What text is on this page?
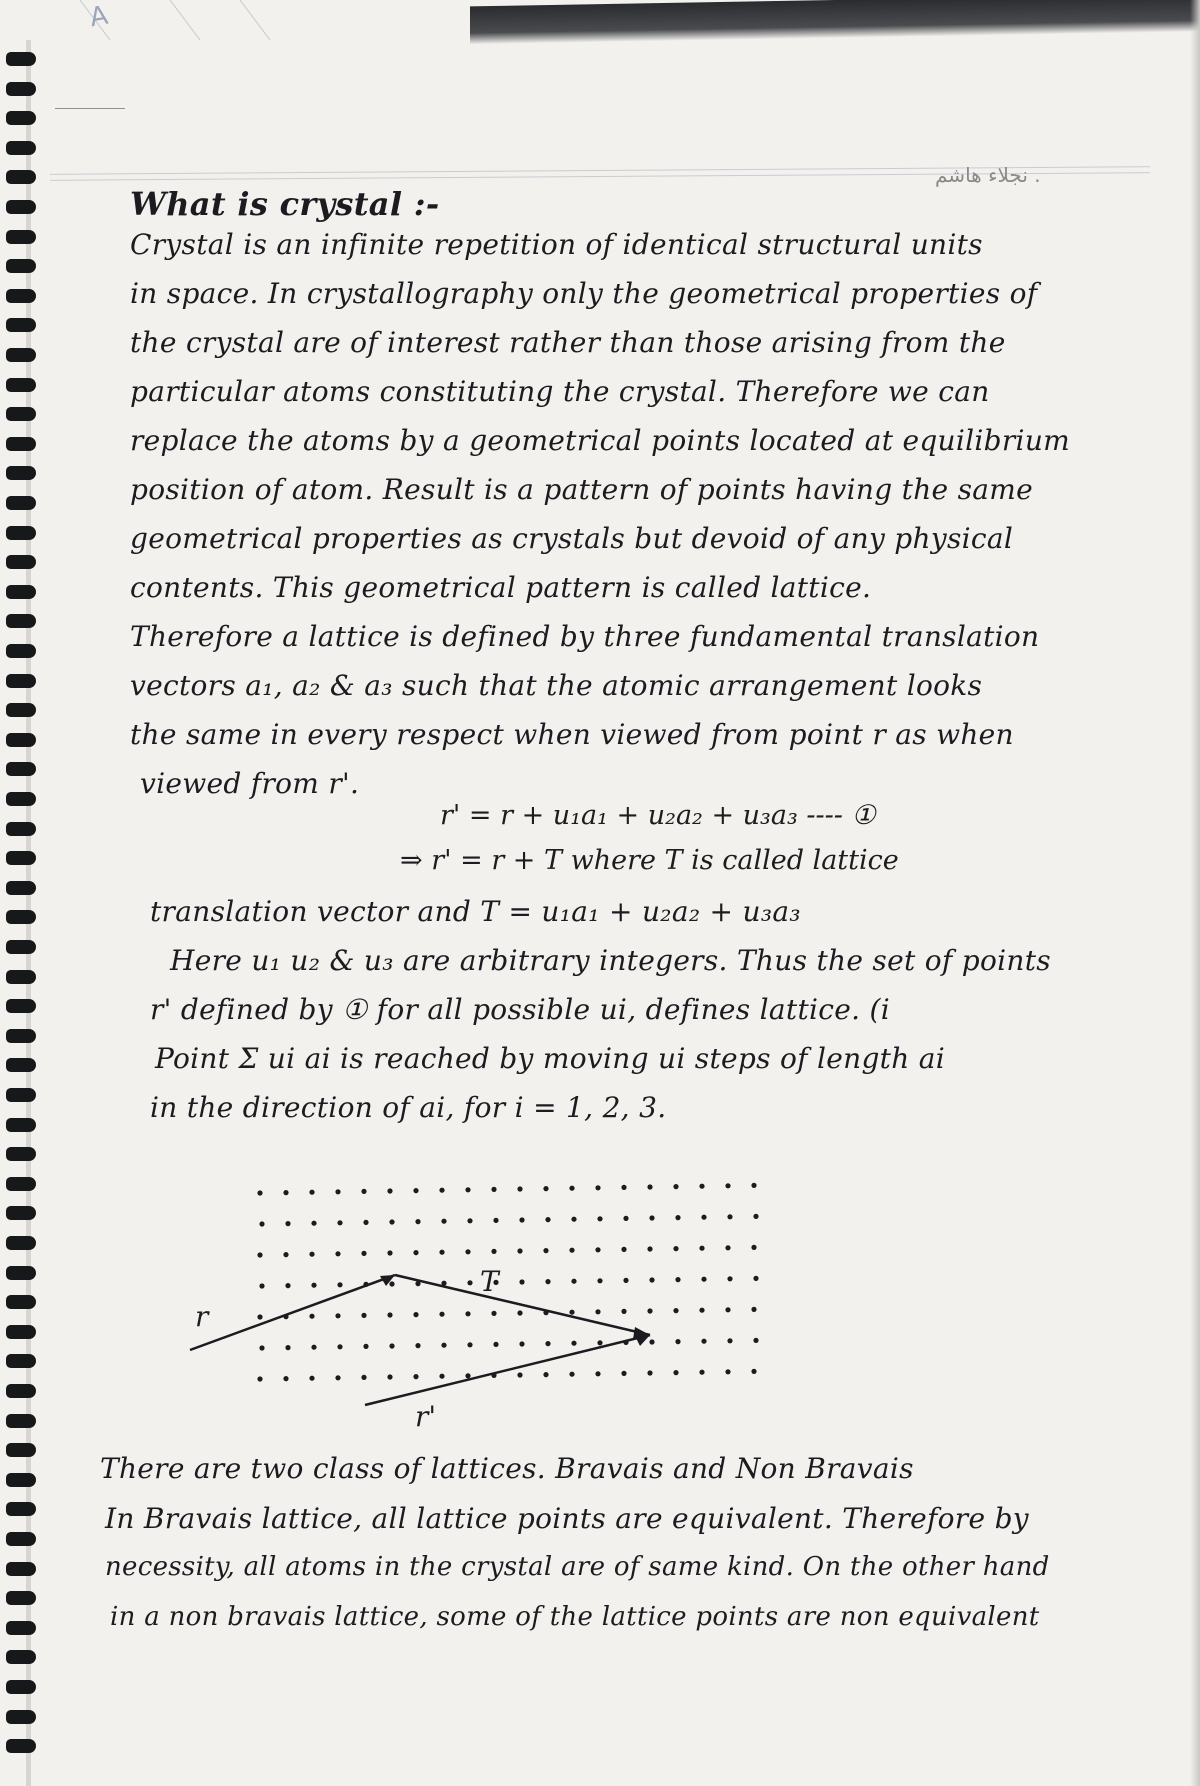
A
نجلاء هاشم .
What is crystal :-
Crystal is an infinite repetition of identical structural units
in space. In crystallography only the geometrical properties of
the crystal are of interest rather than those arising from the
particular atoms constituting the crystal. Therefore we can
replace the atoms by a geometrical points located at equilibrium
position of atom. Result is a pattern of points having the same
geometrical properties as crystals but devoid of any physical
contents. This geometrical pattern is called lattice.
Therefore a lattice is defined by three fundamental translation
vectors a₁, a₂ & a₃ such that the atomic arrangement looks
the same in every respect when viewed from point r as when
viewed from r'.
r' = r + u₁a₁ + u₂a₂ + u₃a₃ ---- ①
⇒ r' = r + T where T is called lattice
translation vector and T = u₁a₁ + u₂a₂ + u₃a₃
Here u₁ u₂ & u₃ are arbitrary integers. Thus the set of points
r' defined by ① for all possible ui, defines lattice. (i
Point Σ ui ai is reached by moving ui steps of length ai
in the direction of ai, for i = 1, 2, 3.
r
T
r'
There are two class of lattices. Bravais and Non Bravais
In Bravais lattice, all lattice points are equivalent. Therefore by
necessity, all atoms in the crystal are of same kind. On the other hand
in a non bravais lattice, some of the lattice points are non equivalent
